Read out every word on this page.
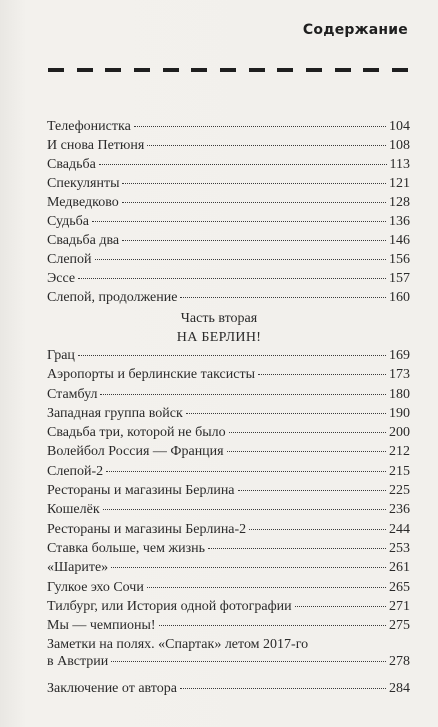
Содержание
Телефонистка	104
И снова Петюня	108
Свадьба	113
Спекулянты	121
Медведково	128
Судьба	136
Свадьба два	146
Слепой	156
Эссе	157
Слепой, продолжение	160
Часть вторая
НА БЕРЛИН!
Грац	169
Аэропорты и берлинские таксисты	173
Стамбул	180
Западная группа войск	190
Свадьба три, которой не было	200
Волейбол Россия — Франция	212
Слепой-2	215
Рестораны и магазины Берлина	225
Кошелёк	236
Рестораны и магазины Берлина-2	244
Ставка больше, чем жизнь	253
«Шарите»	261
Гулкое эхо Сочи	265
Тилбург, или История одной фотографии	271
Мы — чемпионы!	275
Заметки на полях. «Спартак» летом 2017-го
в Австрии	278
Заключение от автора	284
